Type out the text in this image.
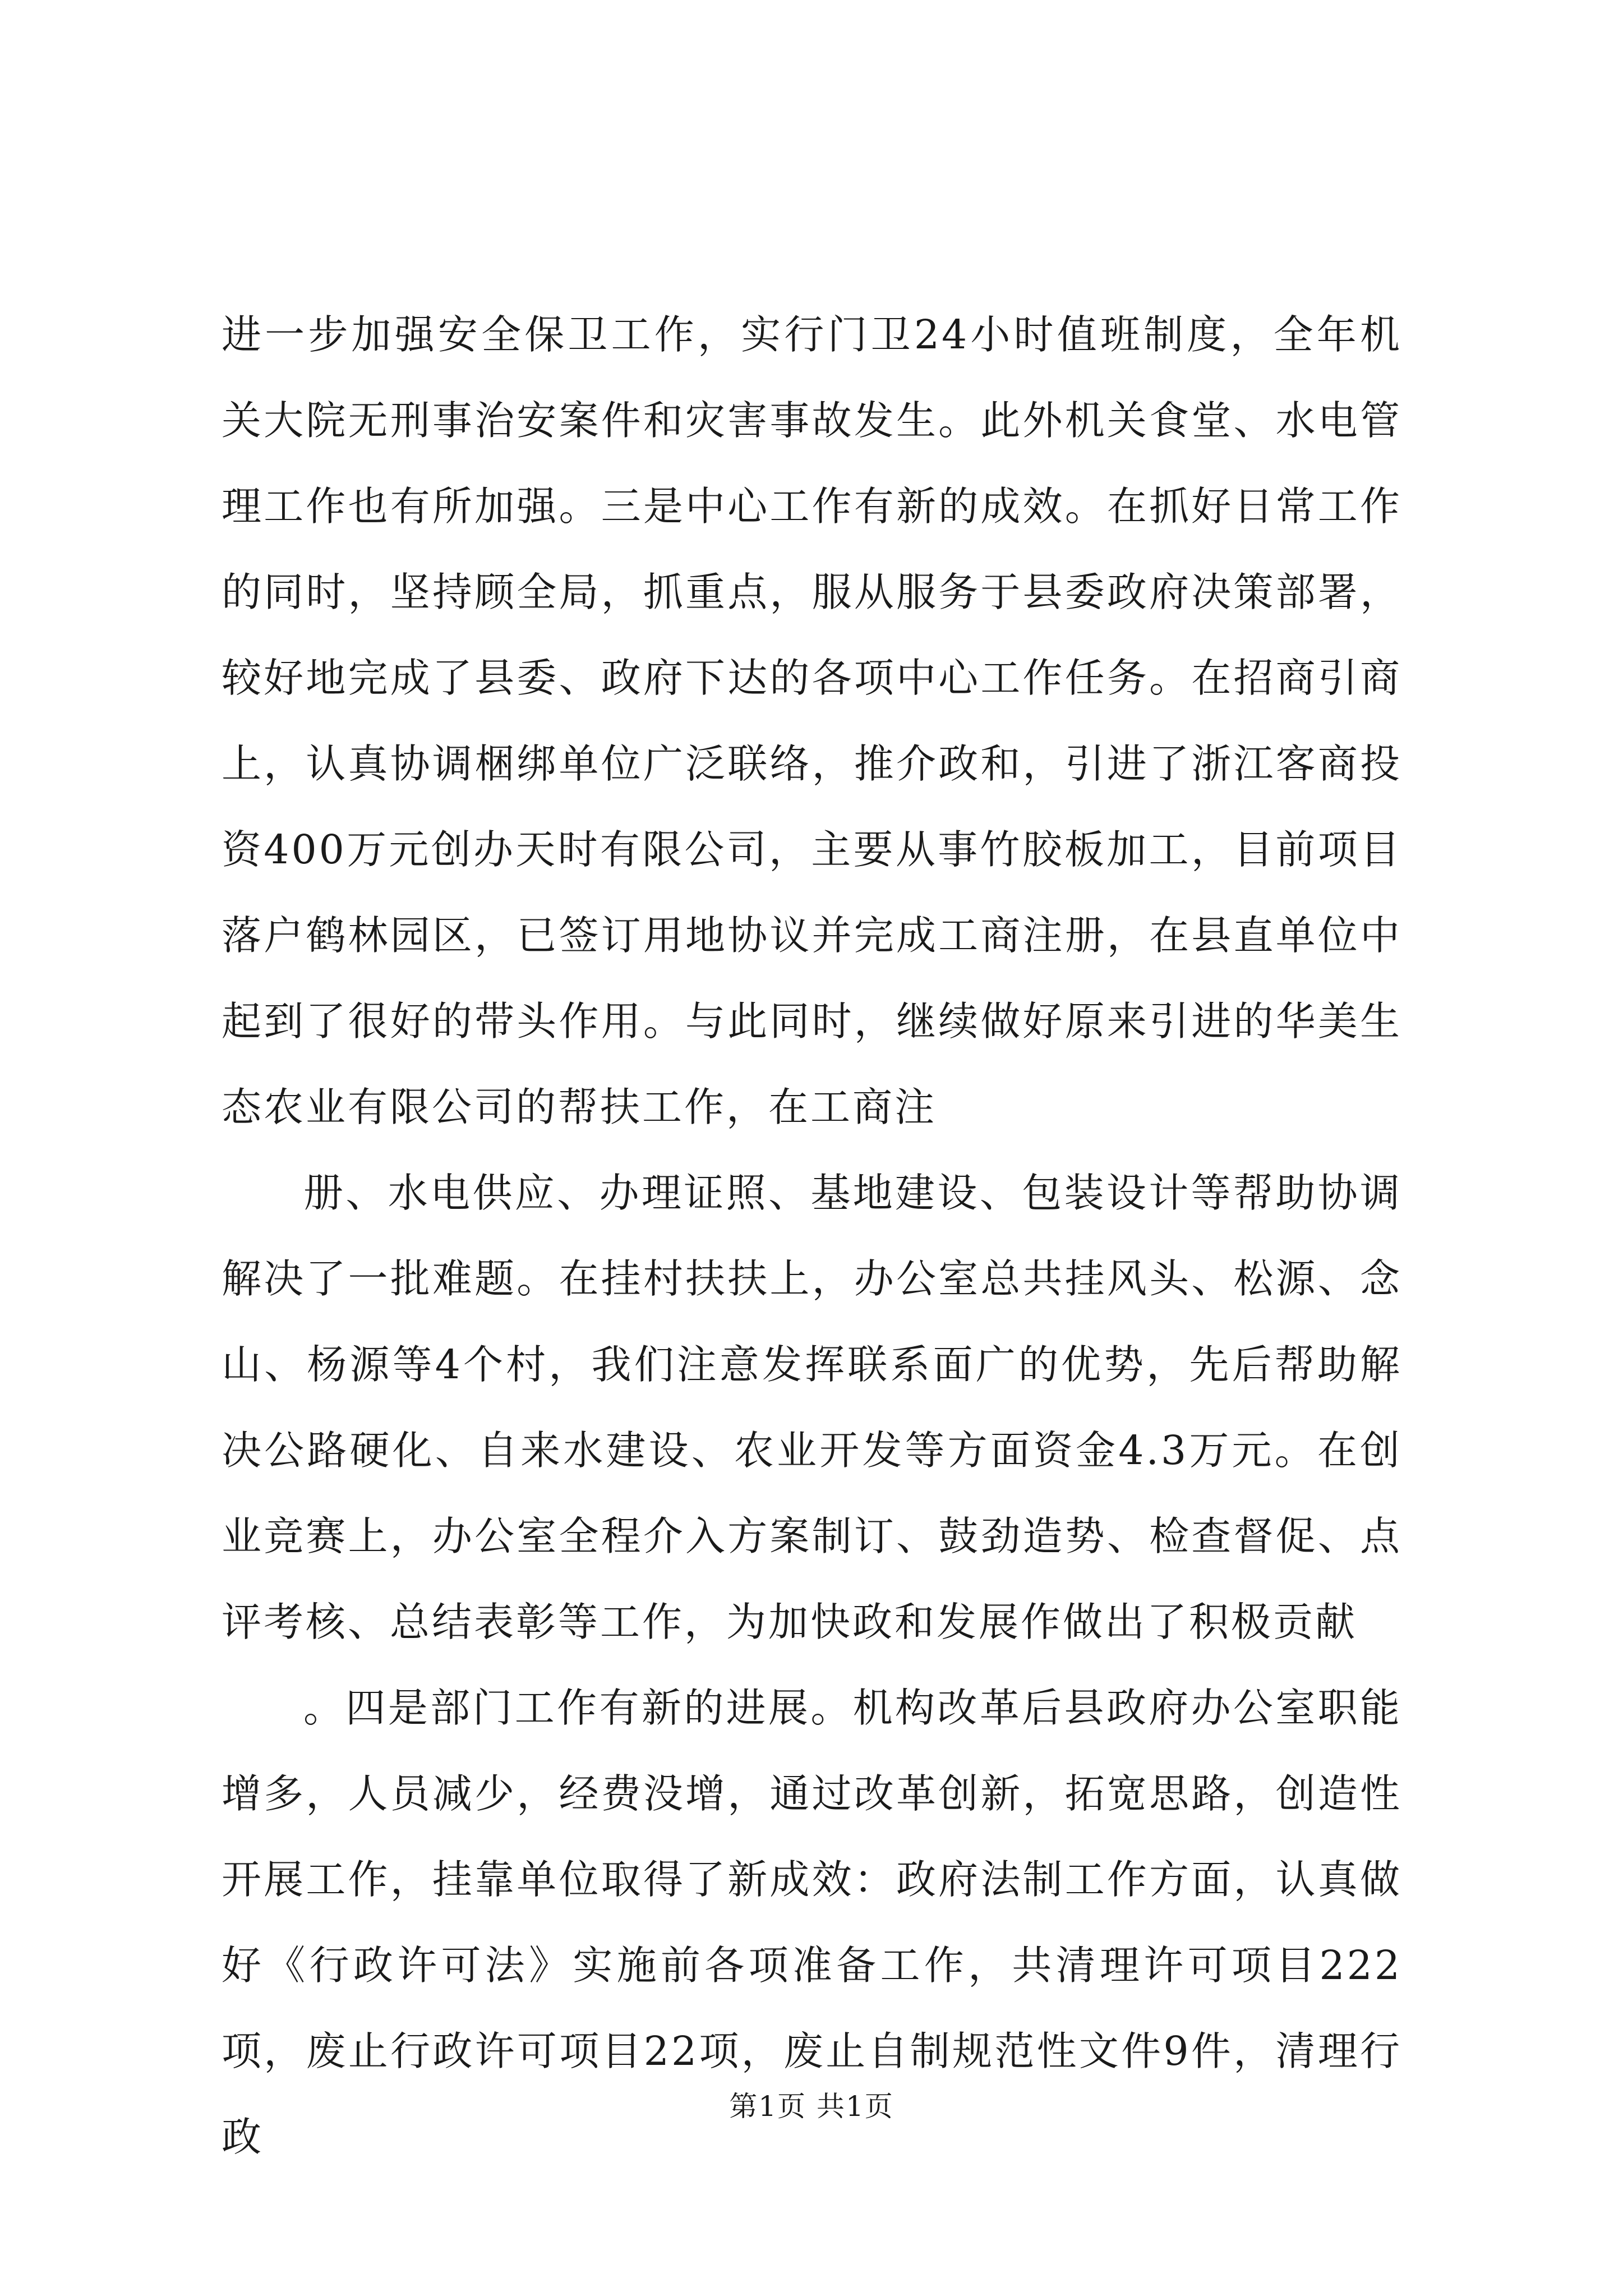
进一步加强安全保卫工作，实行门卫24小时值班制度，全年机关大院无刑事治安案件和灾害事故发生。此外机关食堂、水电管理工作也有所加强。三是中心工作有新的成效。在抓好日常工作的同时，坚持顾全局，抓重点，服从服务于县委政府决策部署，较好地完成了县委、政府下达的各项中心工作任务。在招商引商上，认真协调梱绑单位广泛联络，推介政和，引进了浙江客商投资400万元创办天时有限公司，主要从事竹胶板加工，目前项目落户鹤林园区，已签订用地协议并完成工商注册，在县直单位中起到了很好的带头作用。与此同时，继续做好原来引进的华美生态农业有限公司的帮扶工作，在工商注

册、水电供应、办理证照、基地建设、包装设计等帮助协调解决了一批难题。在挂村扶扶上，办公室总共挂风头、松源、念山、杨源等4个村，我们注意发挥联系面广的优势，先后帮助解决公路硬化、自来水建设、农业开发等方面资金4.3万元。在创业竞赛上，办公室全程介入方案制订、鼓劲造势、检查督促、点评考核、总结表彰等工作，为加快政和发展作做出了积极贡献

。四是部门工作有新的进展。机构改革后县政府办公室职能增多，人员减少，经费没增，通过改革创新，拓宽思路，创造性开展工作，挂靠单位取得了新成效：政府法制工作方面，认真做好《行政许可法》实施前各项准备工作，共清理许可项目222项，废止行政许可项目22项，废止自制规范性文件9件，清理行政

第1页 共1页
